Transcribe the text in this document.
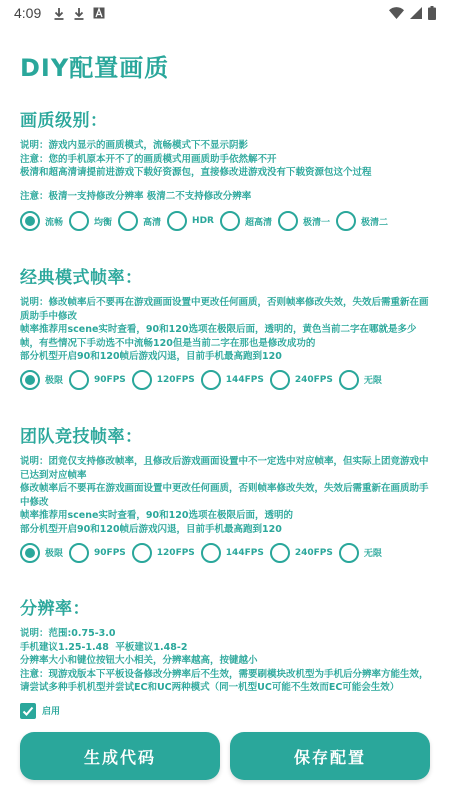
4:09
DIY配置画质
画质级别：
说明：游戏内显示的画质模式，流畅模式下不显示阴影
注意：您的手机原本开不了的画质模式用画质助手依然解不开
极清和超高清请提前进游戏下载好资源包，直接修改进游戏没有下载资源包这个过程
注意：极清一支持修改分辨率 极清二不支持修改分辨率
流畅	均衡	高清	HDR	超高清	极清一	极清二
经典模式帧率：
说明：修改帧率后不要再在游戏画面设置中更改任何画质，否则帧率修改失效，失效后需重新在画质助手中修改
帧率推荐用scene实时查看，90和120选项在极限后面，透明的，黄色当前二字在哪就是多少帧，有些情况下手动选不中流畅120但是当前二字在那也是修改成功的
部分机型开启90和120帧后游戏闪退，目前手机最高跑到120
极限	90FPS	120FPS	144FPS	240FPS	无限
团队竞技帧率：
说明：团竞仅支持修改帧率，且修改后游戏画面设置中不一定选中对应帧率，但实际上团竞游戏中已达到对应帧率
修改帧率后不要再在游戏画面设置中更改任何画质，否则帧率修改失效，失效后需重新在画质助手中修改
帧率推荐用scene实时查看，90和120选项在极限后面，透明的
部分机型开启90和120帧后游戏闪退，目前手机最高跑到120
极限	90FPS	120FPS	144FPS	240FPS	无限
分辨率：
说明：范围:0.75-3.0
手机建议1.25-1.48  平板建议1.48-2
分辨率大小和键位按钮大小相关，分辨率越高，按键越小
注意：现游戏版本下平板设备修改分辨率后不生效，需要刷模块改机型为手机后分辨率方能生效，请尝试多种手机机型并尝试EC和UC两种模式（同一机型UC可能不生效而EC可能会生效）
启用
生成代码	保存配置
